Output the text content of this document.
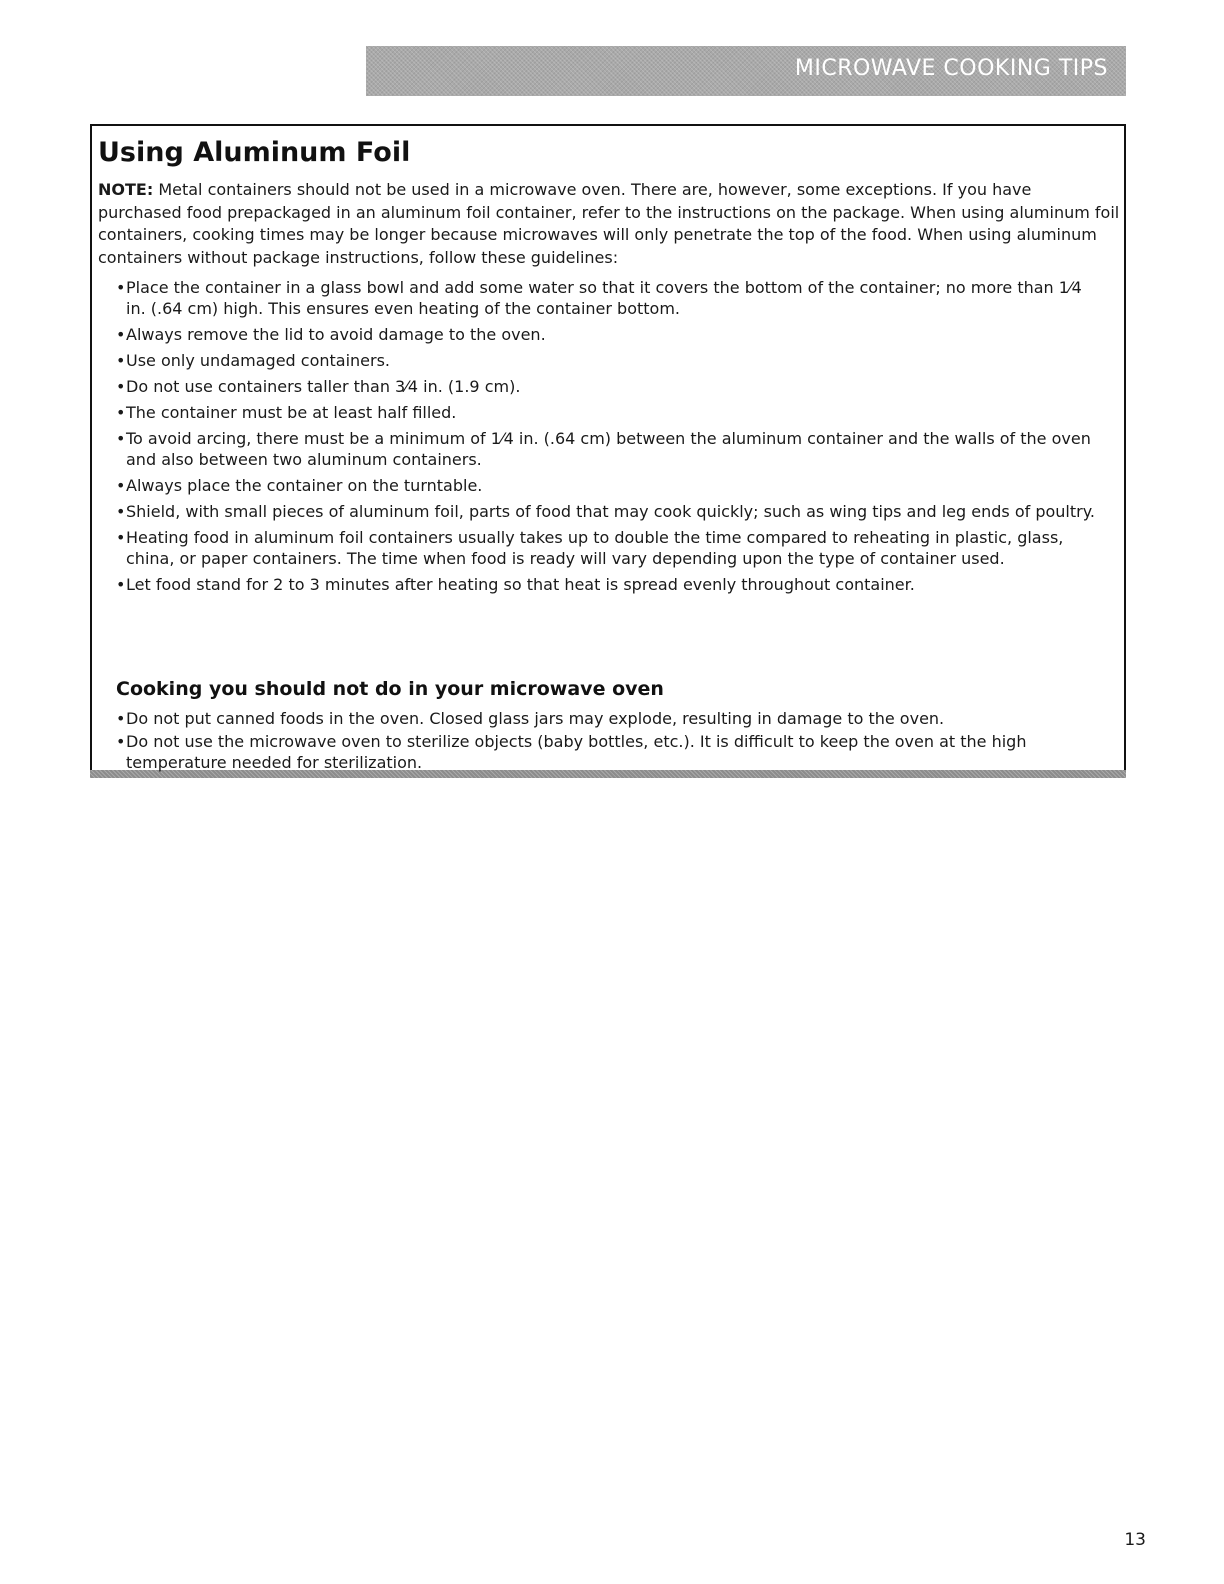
MICROWAVE COOKING TIPS
Using Aluminum Foil

NOTE: Metal containers should not be used in a microwave oven. There are, however, some exceptions. If you have purchased food prepackaged in an aluminum foil container, refer to the instructions on the package. When using aluminum foil containers, cooking times may be longer because microwaves will only penetrate the top of the food. When using aluminum containers without package instructions, follow these guidelines:

• Place the container in a glass bowl and add some water so that it covers the bottom of the container; no more than 1⁄4 in. (.64 cm) high. This ensures even heating of the container bottom.
• Always remove the lid to avoid damage to the oven.
• Use only undamaged containers.
• Do not use containers taller than 3⁄4 in. (1.9 cm).
• The container must be at least half filled.
• To avoid arcing, there must be a minimum of 1⁄4 in. (.64 cm) between the aluminum container and the walls of the oven and also between two aluminum containers.
• Always place the container on the turntable.
• Shield, with small pieces of aluminum foil, parts of food that may cook quickly; such as wing tips and leg ends of poultry.
• Heating food in aluminum foil containers usually takes up to double the time compared to reheating in plastic, glass, china, or paper containers. The time when food is ready will vary depending upon the type of container used.
• Let food stand for 2 to 3 minutes after heating so that heat is spread evenly throughout container.
Cooking you should not do in your microwave oven
• Do not put canned foods in the oven. Closed glass jars may explode, resulting in damage to the oven.
• Do not use the microwave oven to sterilize objects (baby bottles, etc.). It is difficult to keep the oven at the high temperature needed for sterilization.
13
